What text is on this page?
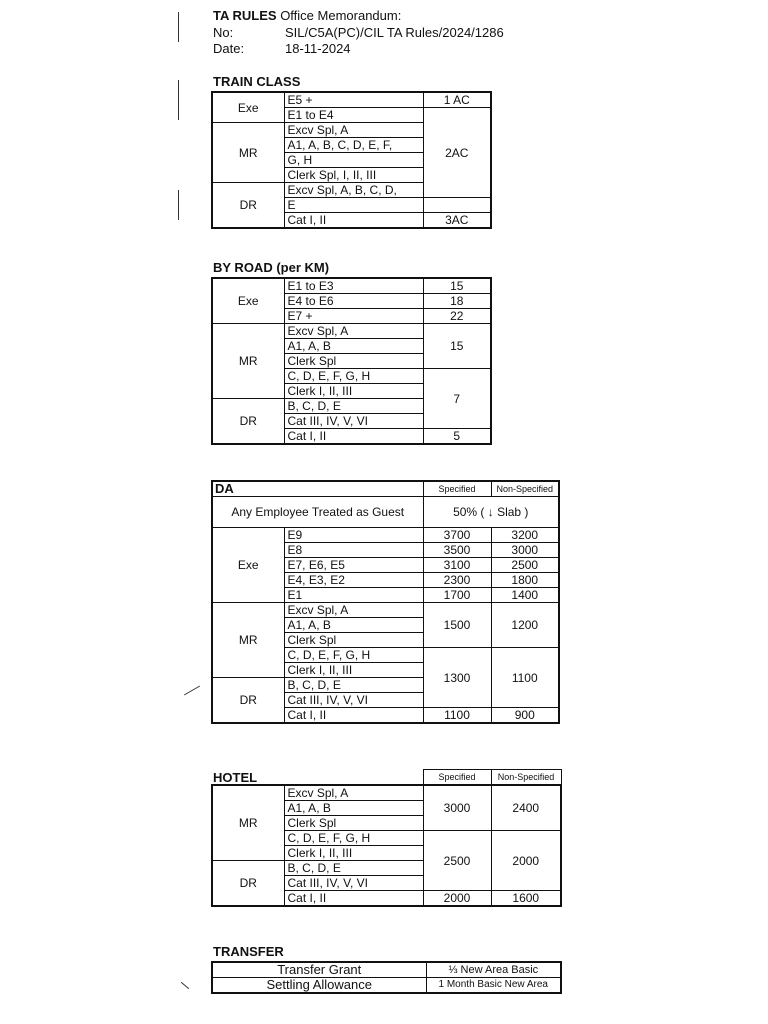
TA RULES Office Memorandum:
No:	SIL/C5A(PC)/CIL TA Rules/2024/1286
Date:	18-11-2024
TRAIN CLASS
Exe	E5 +	1 AC
	E1 to E4	2AC
MR	Excv Spl, A	
	A1, A, B, C, D, E, F,	
	G, H	
	Clerk Spl, I, II, III	
DR	Excv Spl, A, B, C, D,	
	E	
	Cat I, II	3AC
BY ROAD (per KM)
Exe	E1 to E3	15
	E4 to E6	18
	E7 +	22
MR	Excv Spl, A	15
	A1, A, B	
	Clerk Spl	
	C, D, E, F, G, H	7
	Clerk I, II, III	
DR	B, C, D, E	
	Cat III, IV, V, VI	
	Cat I, II	5
DA
		Specified	Non-Specified
Any Employee Treated as Guest		50% ( ↓ Slab )	
Exe	E9	3700	3200
	E8	3500	3000
	E7, E6, E5	3100	2500
	E4, E3, E2	2300	1800
	E1	1700	1400
MR	Excv Spl, A	1500	1200
	A1, A, B		
	Clerk Spl		
	C, D, E, F, G, H	1300	1100
	Clerk I, II, III		
DR	B, C, D, E		
	Cat III, IV, V, VI		
	Cat I, II	1100	900
HOTEL
		Specified	Non-Specified
MR	Excv Spl, A	3000	2400
	A1, A, B		
	Clerk Spl		
	C, D, E, F, G, H	2500	2000
	Clerk I, II, III		
DR	B, C, D, E		
	Cat III, IV, V, VI		
	Cat I, II	2000	1600
TRANSFER
Transfer Grant	⅓ New Area Basic
Settling Allowance	1 Month Basic New Area
